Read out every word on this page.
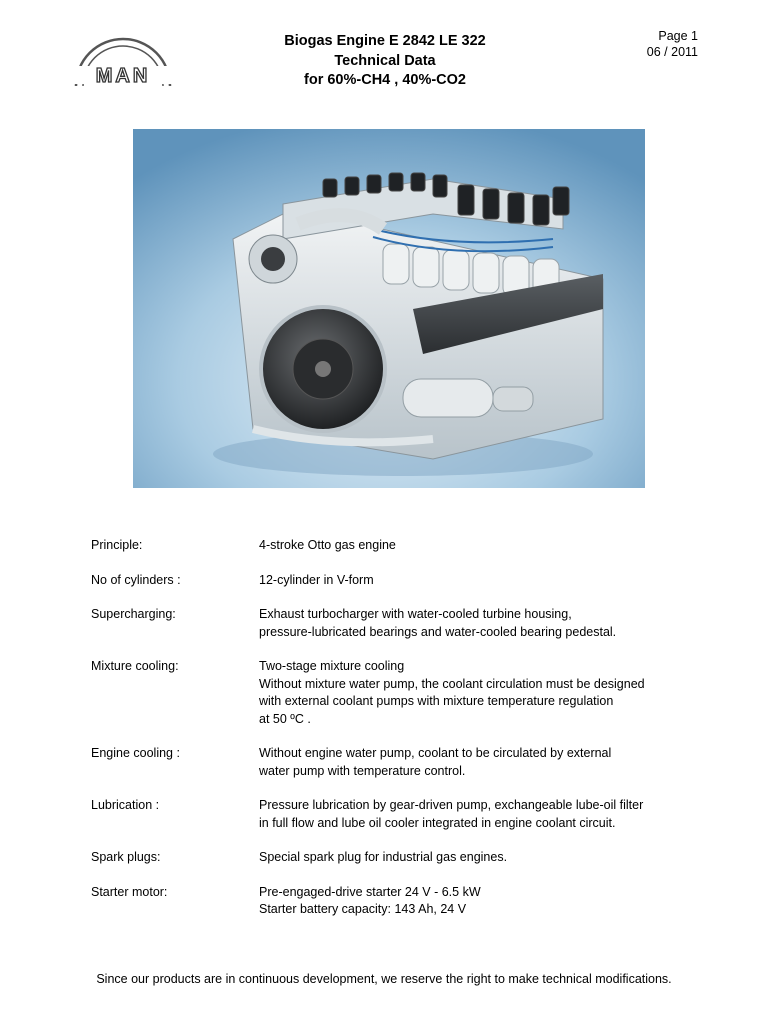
MAN
Biogas Engine E 2842 LE 322
Technical Data
for 60%-CH4 , 40%-CO2
Page 1
06 / 2011
Principle:	4-stroke Otto gas engine
No of cylinders :	12-cylinder in V-form
Supercharging:	Exhaust turbocharger with water-cooled turbine housing,
pressure-lubricated bearings and water-cooled bearing pedestal.
Mixture cooling:	Two-stage mixture cooling
Without mixture water pump, the coolant circulation must be designed
with external coolant pumps with mixture temperature regulation
at 50 ºC .
Engine cooling :	Without engine water pump, coolant to be circulated by external
water pump with temperature control.
Lubrication :	Pressure lubrication by gear-driven pump, exchangeable lube-oil filter
in full flow and lube oil cooler integrated in engine coolant circuit.
Spark plugs:	Special spark plug for industrial gas engines.
Starter motor:	Pre-engaged-drive starter 24 V - 6.5 kW
Starter battery capacity: 143 Ah, 24 V
Since our products are in continuous development, we reserve the right to make technical modifications.
